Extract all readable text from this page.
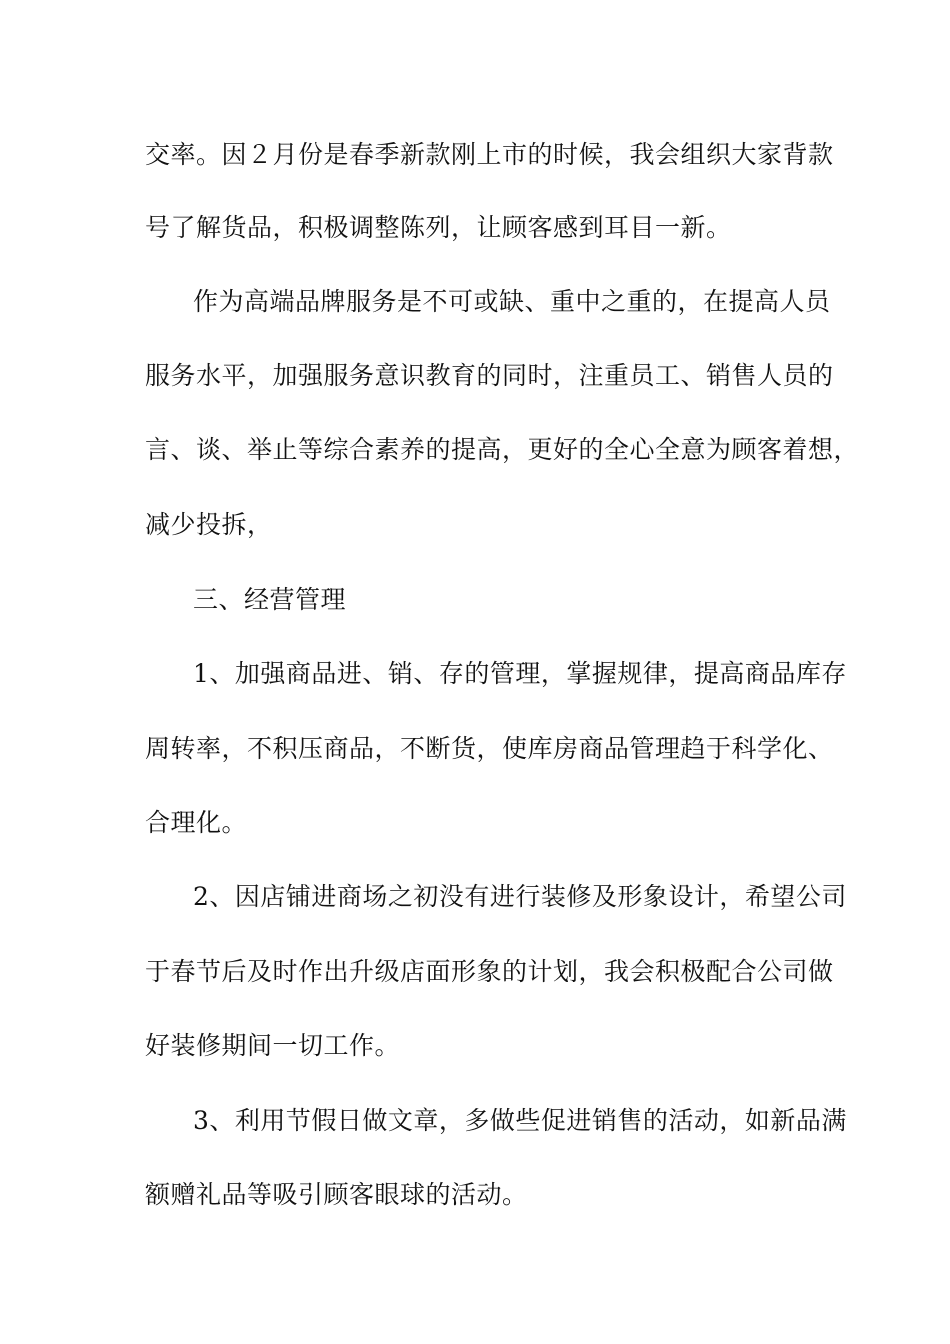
交率。因２月份是春季新款刚上市的时候，我会组织大家背款
号了解货品，积极调整陈列，让顾客感到耳目一新。
作为高端品牌服务是不可或缺、重中之重的，在提高人员
服务水平，加强服务意识教育的同时，注重员工、销售人员的
言、谈、举止等综合素养的提高，更好的全心全意为顾客着想，
减少投拆，
三、经营管理
1、加强商品进、销、存的管理，掌握规律，提高商品库存
周转率，不积压商品，不断货，使库房商品管理趋于科学化、
合理化。
2、因店铺进商场之初没有进行装修及形象设计，希望公司
于春节后及时作出升级店面形象的计划，我会积极配合公司做
好装修期间一切工作。
3、利用节假日做文章，多做些促进销售的活动，如新品满
额赠礼品等吸引顾客眼球的活动。
